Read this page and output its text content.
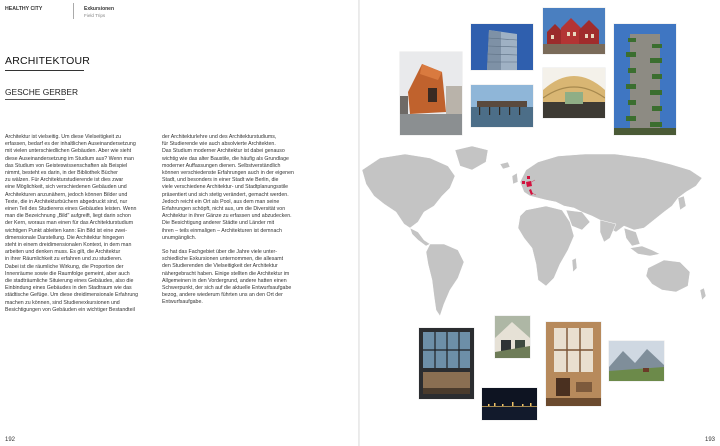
HEALTHY CITY	Exkursionen
Field Trips
ARCHITEKTOUR
GESCHE GERBER

Architektur ist vielseitig. Um diese Vielseitigkeit zu
erfassen, bedarf es der inhaltlichen Auseinandersetzung
mit vielen unterschiedlichen Gebäuden. Aber wie sieht
diese Auseinandersetzung im Studium aus? Wenn man
das Studium von Geisteswissenschaften als Beispiel
nimmt, besteht es darin, in der Bibliothek Bücher
zu wälzen. Für Architekturstudierende ist dies zwar
eine Möglichkeit, sich verschiedenen Gebäuden und
Architekturen anzunähern, jedoch können Bilder und
Texte, die in Architekturbüchern abgedruckt sind, nur
einen Teil des Studierens eines Gebäudes leisten. Wenn
man die Bezeichnung „Bild" aufgreift, liegt darin schon
der Kern, woraus man einen für das Architekturstudium
wichtigen Punkt ableiten kann: Ein Bild ist eine zwei-
dimensionale Darstellung. Die Architektur hingegen
steht in einem dreidimensionalen Kontext, in dem man
arbeiten und denken muss. Es gilt, die Architektur
in ihrer Räumlichkeit zu erfahren und zu studieren.
Dabei ist die räumliche Wirkung, die Proportion der
Innenräume sowie die Raumfolge gemeint, aber auch
die stadträumliche Situierung eines Gebäudes, also die
Einbindung eines Gebäudes in den Stadtraum wie das
städtische Gefüge. Um diese dreidimensionale Erfahrung
machen zu können, sind Studienexkursionen und
Besichtigungen von Gebäuden ein wichtiger Bestandteil

der Architekturlehre und des Architekturstudiums,
für Studierende wie auch absolvierte Architekten.
Das Studium moderner Architektur ist dabei genauso
wichtig wie das alter Baustile, die häufig als Grundlage
moderner Auffassungen dienen. Selbstverständlich
können verschiedenste Erfahrungen auch in der eigenen
Stadt, und besonders in einer Stadt wie Berlin, die
viele verschiedene Architektur- und Stadtplanungsstile
präsentiert und sich stetig verändert, gemacht werden.
Jedoch reicht ein Ort als Pool, aus dem man seine
Erfahrungen schöpft, nicht aus, um die Diversität von
Architektur in ihrer Gänze zu erfassen und abzudecken.
Die Besichtigung anderer Städte und Länder mit
ihren – teils einmaligen – Architekturen ist demnach
unumgänglich.

So hat das Fachgebiet über die Jahre viele unter-
schiedliche Exkursionen unternommen, die allesamt
den Studierenden die Vielseitigkeit der Architektur
nähergebracht haben. Einige stellten die Architektur im
Allgemeinen in den Vordergrund, andere hatten einen
Schwerpunkt, der sich auf die aktuelle Entwurfsaufgabe
bezog, andere wiederum führten uns an den Ort der
Entwurfsaufgabe.

192	193
